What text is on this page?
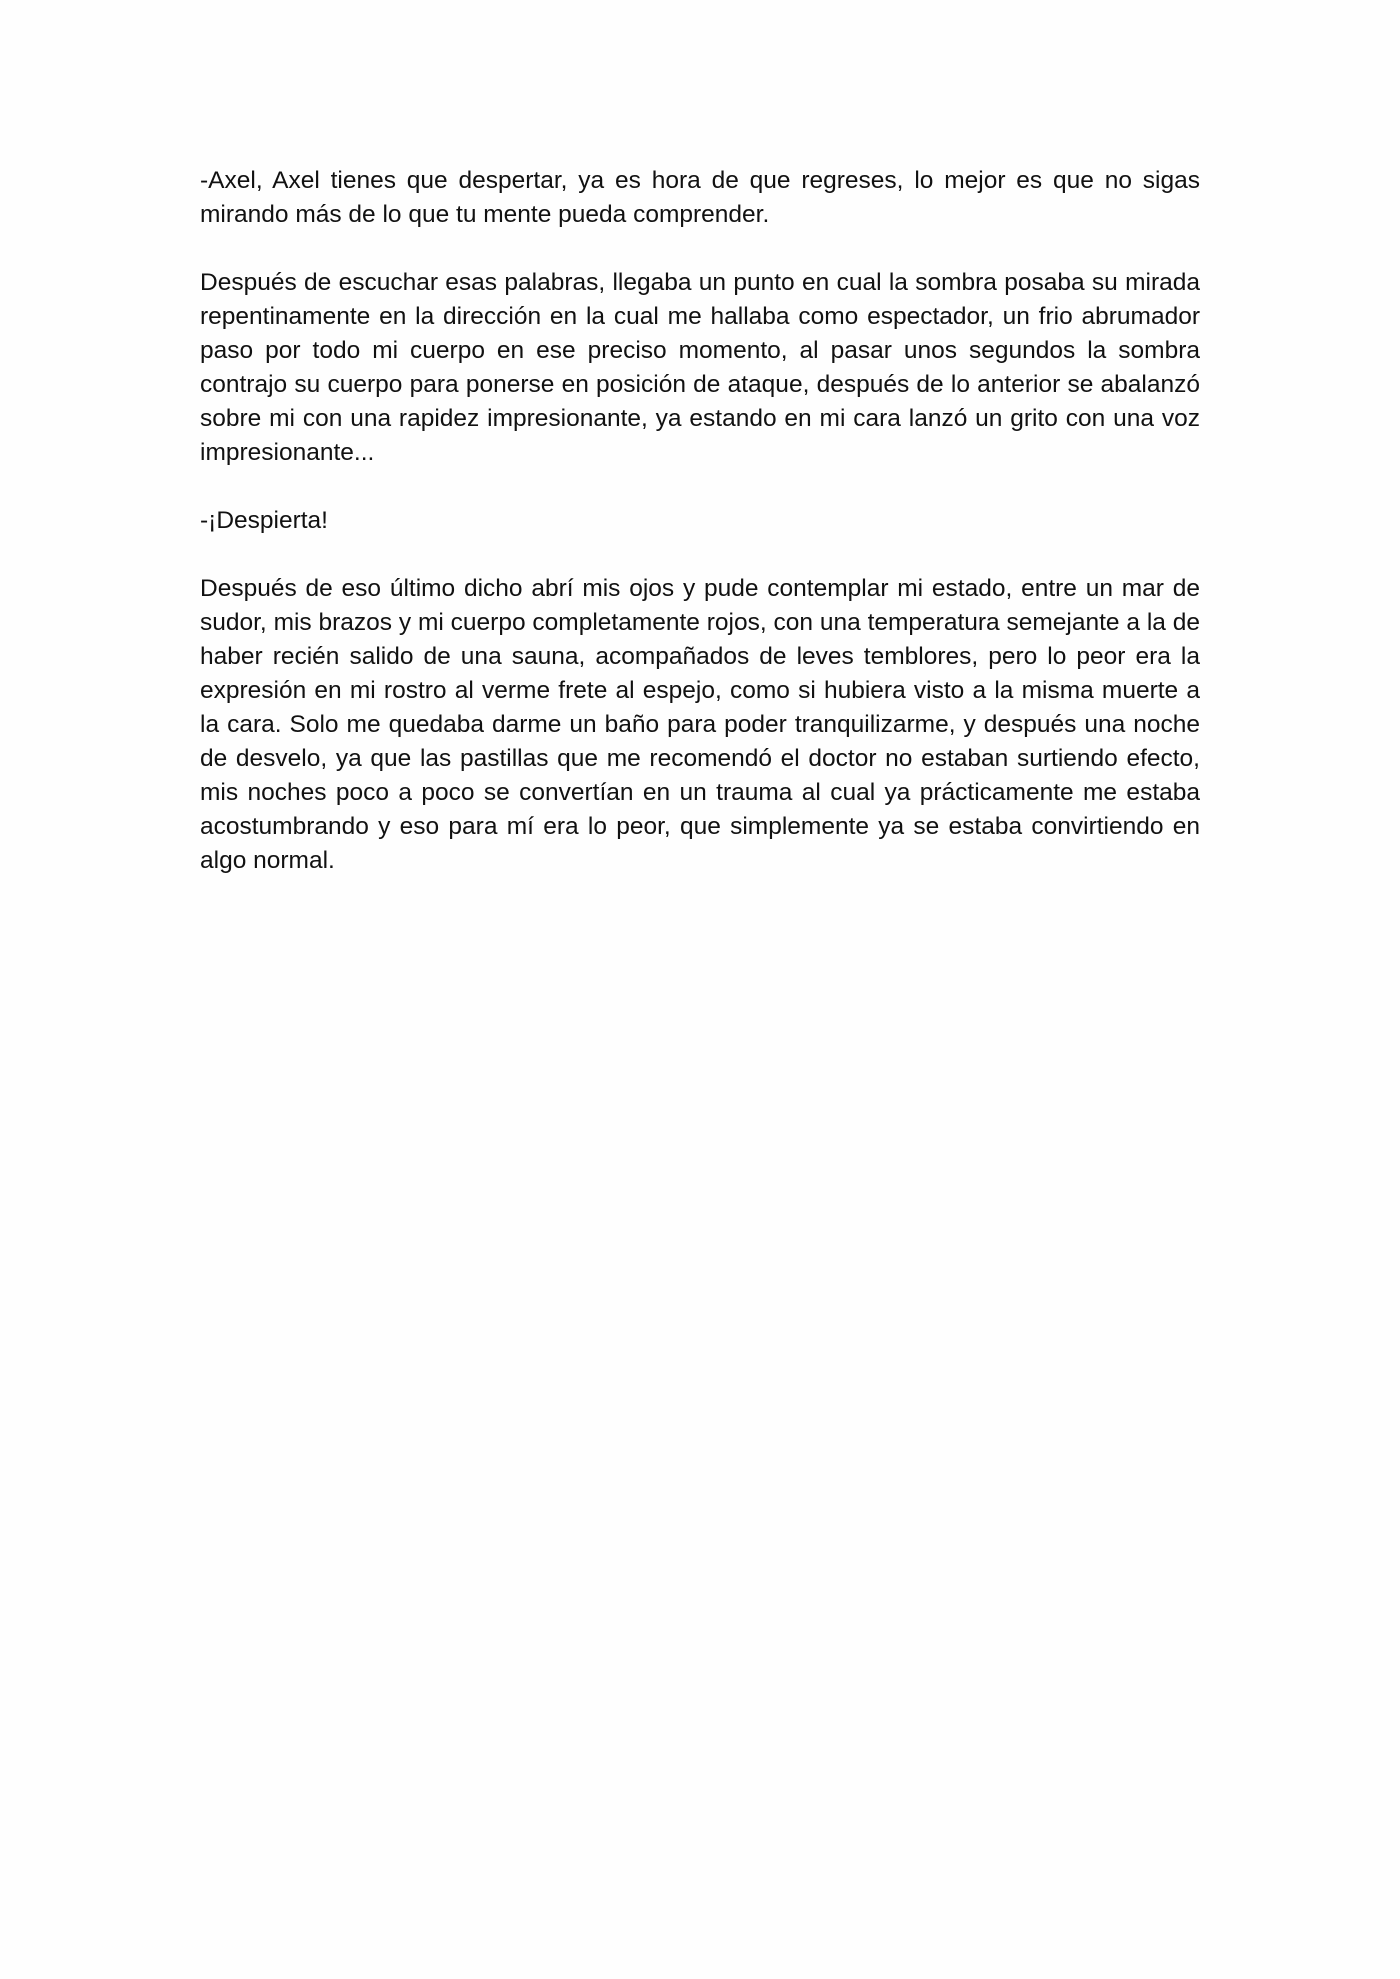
-Axel, Axel tienes que despertar, ya es hora de que regreses, lo mejor es que no sigas mirando más de lo que tu mente pueda comprender.

Después de escuchar esas palabras, llegaba un punto en cual la sombra posaba su mirada repentinamente en la dirección en la cual me hallaba como espectador, un frio abrumador paso por todo mi cuerpo en ese preciso momento, al pasar unos segundos la sombra contrajo su cuerpo para ponerse en posición de ataque, después de lo anterior se abalanzó sobre mi con una rapidez impresionante, ya estando en mi cara lanzó un grito con una voz impresionante...

-¡Despierta!

Después de eso último dicho abrí mis ojos y pude contemplar mi estado, entre un mar de sudor, mis brazos y mi cuerpo completamente rojos, con una temperatura semejante a la de haber recién salido de una sauna, acompañados de leves temblores, pero lo peor era la expresión en mi rostro al verme frete al espejo, como si hubiera visto a la misma muerte a la cara. Solo me quedaba darme un baño para poder tranquilizarme, y después una noche de desvelo, ya que las pastillas que me recomendó el doctor no estaban surtiendo efecto, mis noches poco a poco se convertían en un trauma al cual ya prácticamente me estaba acostumbrando y eso para mí era lo peor, que simplemente ya se estaba convirtiendo en algo normal.
